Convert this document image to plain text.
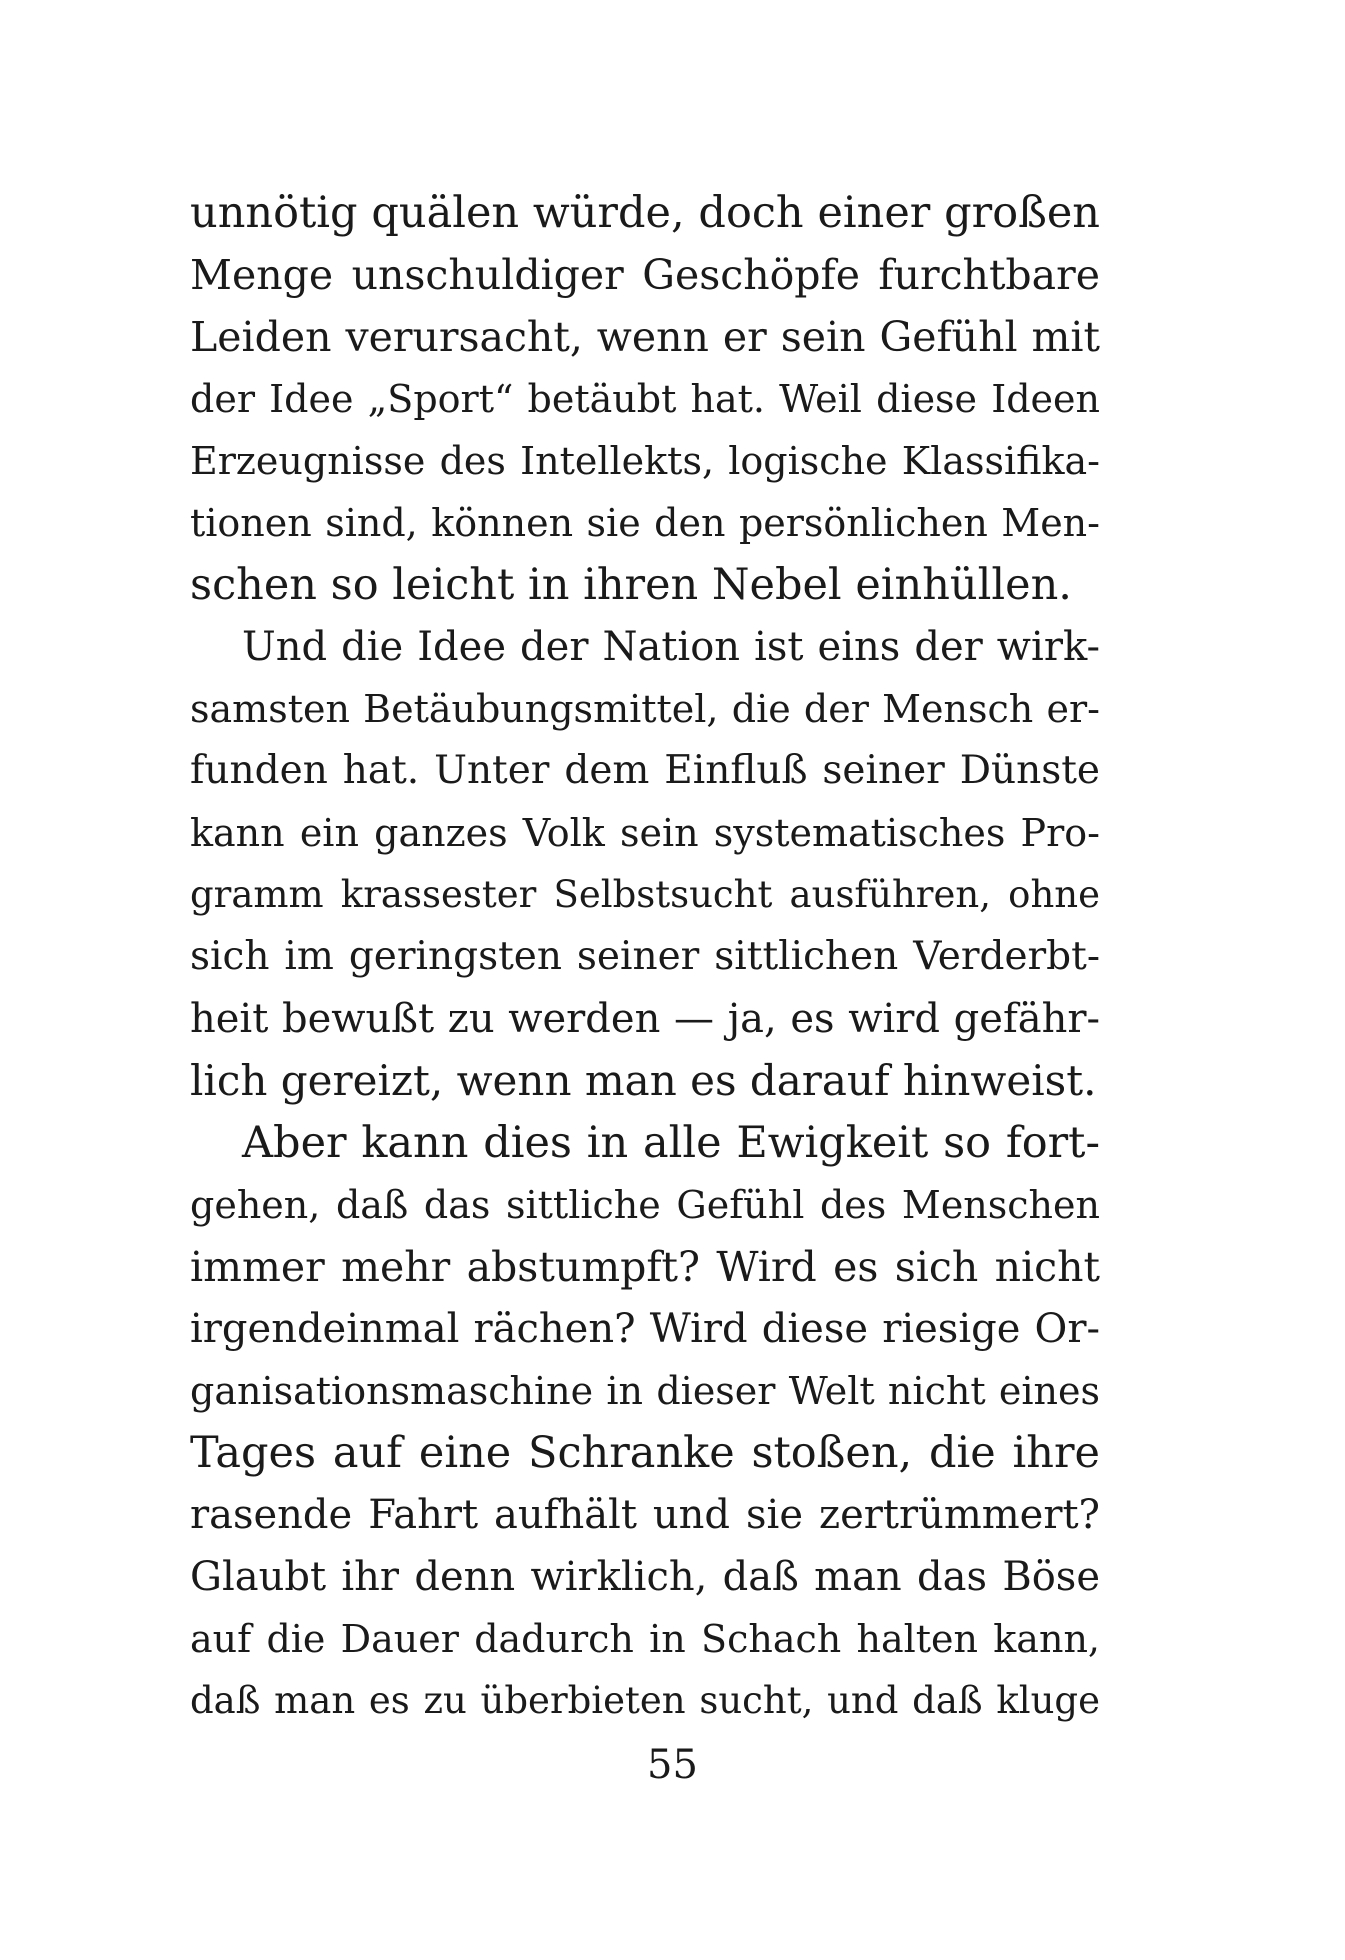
unnötig quälen würde, doch einer großen
Menge unschuldiger Geschöpfe furchtbare
Leiden verursacht, wenn er sein Gefühl mit
der Idee „Sport“ betäubt hat. Weil diese Ideen
Erzeugnisse des Intellekts, logische Klassifika-
tionen sind, können sie den persönlichen Men-
schen so leicht in ihren Nebel einhüllen.
Und die Idee der Nation ist eins der wirk-
samsten Betäubungsmittel, die der Mensch er-
funden hat. Unter dem Einfluß seiner Dünste
kann ein ganzes Volk sein systematisches Pro-
gramm krassester Selbstsucht ausführen, ohne
sich im geringsten seiner sittlichen Verderbt-
heit bewußt zu werden — ja, es wird gefähr-
lich gereizt, wenn man es darauf hinweist.
Aber kann dies in alle Ewigkeit so fort-
gehen, daß das sittliche Gefühl des Menschen
immer mehr abstumpft? Wird es sich nicht
irgendeinmal rächen? Wird diese riesige Or-
ganisationsmaschine in dieser Welt nicht eines
Tages auf eine Schranke stoßen, die ihre
rasende Fahrt aufhält und sie zertrümmert?
Glaubt ihr denn wirklich, daß man das Böse
auf die Dauer dadurch in Schach halten kann,
daß man es zu überbieten sucht, und daß kluge
55
